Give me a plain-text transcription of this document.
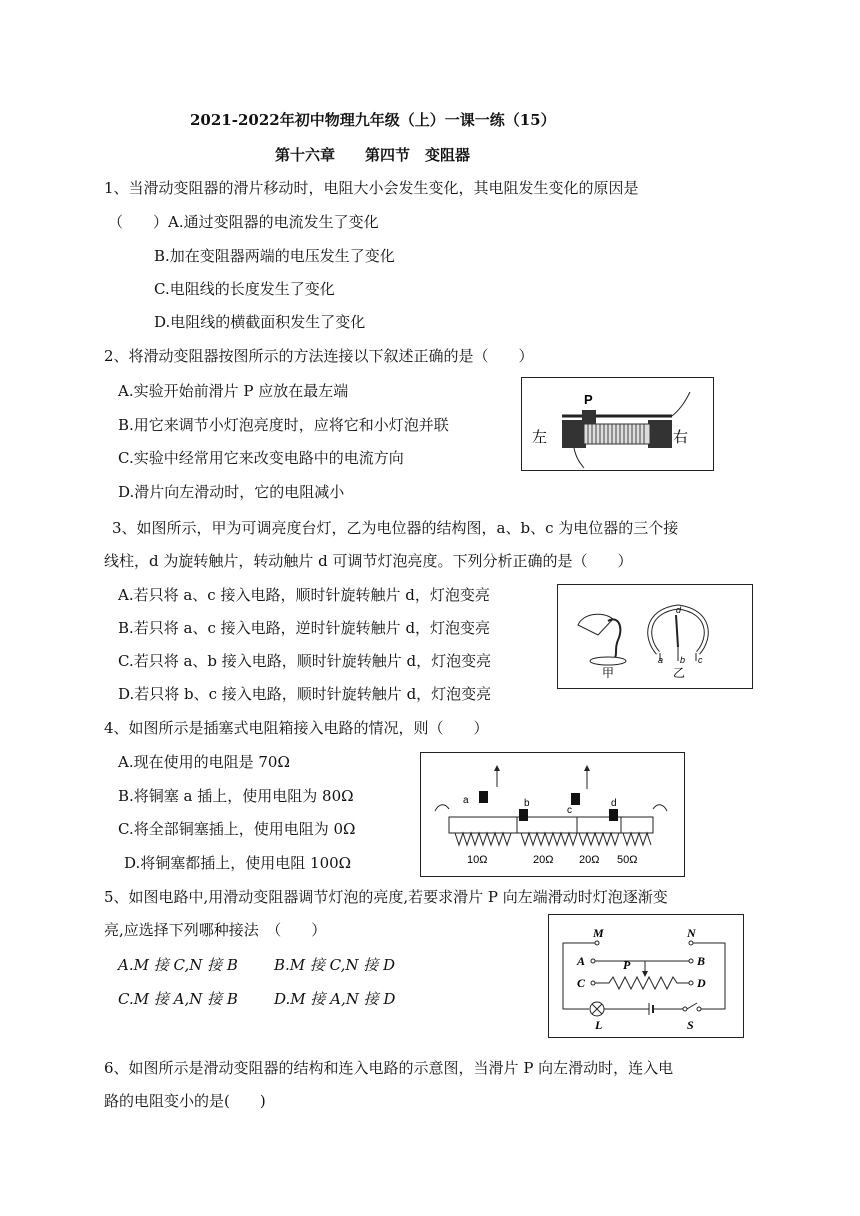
2021-2022年初中物理九年级（上）一课一练（15）
第十六章　　第四节　变阻器
1、当滑动变阻器的滑片移动时，电阻大小会发生变化，其电阻发生变化的原因是
（　　）A.通过变阻器的电流发生了变化
B.加在变阻器两端的电压发生了变化
C.电阻线的长度发生了变化
D.电阻线的横截面积发生了变化
2、将滑动变阻器按图所示的方法连接以下叙述正确的是（　　）
A.实验开始前滑片 P 应放在最左端
B.用它来调节小灯泡亮度时，应将它和小灯泡并联
C.实验中经常用它来改变电路中的电流方向
D.滑片向左滑动时，它的电阻减小
左	右
P
3、如图所示，甲为可调亮度台灯，乙为电位器的结构图，a、b、c 为电位器的三个接
线柱，d 为旋转触片，转动触片 d 可调节灯泡亮度。下列分析正确的是（　　）
A.若只将 a、c 接入电路，顺时针旋转触片 d，灯泡变亮
B.若只将 a、c 接入电路，逆时针旋转触片 d，灯泡变亮
C.若只将 a、b 接入电路，顺时针旋转触片 d，灯泡变亮
D.若只将 b、c 接入电路，顺时针旋转触片 d，灯泡变亮
甲
d
a b c
乙
4、如图所示是插塞式电阻箱接入电路的情况，则（　　）
A.现在使用的电阻是 70Ω
B.将铜塞 a 插上，使用电阻为 80Ω
C.将全部铜塞插上，使用电阻为 0Ω
D.将铜塞都插上，使用电阻 100Ω
a	b
c
d
10Ω	20Ω 20Ω 50Ω
5、如图电路中,用滑动变阻器调节灯泡的亮度,若要求滑片 P 向左端滑动时灯泡逐渐变
亮,应选择下列哪种接法　（　　）
A.M 接 C,N 接 B B.M 接 C,N 接 D
C.M 接 A,N 接 B D.M 接 A,N 接 D
M	N
A	B
P
C	D
L	S
6、如图所示是滑动变阻器的结构和连入电路的示意图，当滑片 P 向左滑动时，连入电
路的电阻变小的是(　　)
